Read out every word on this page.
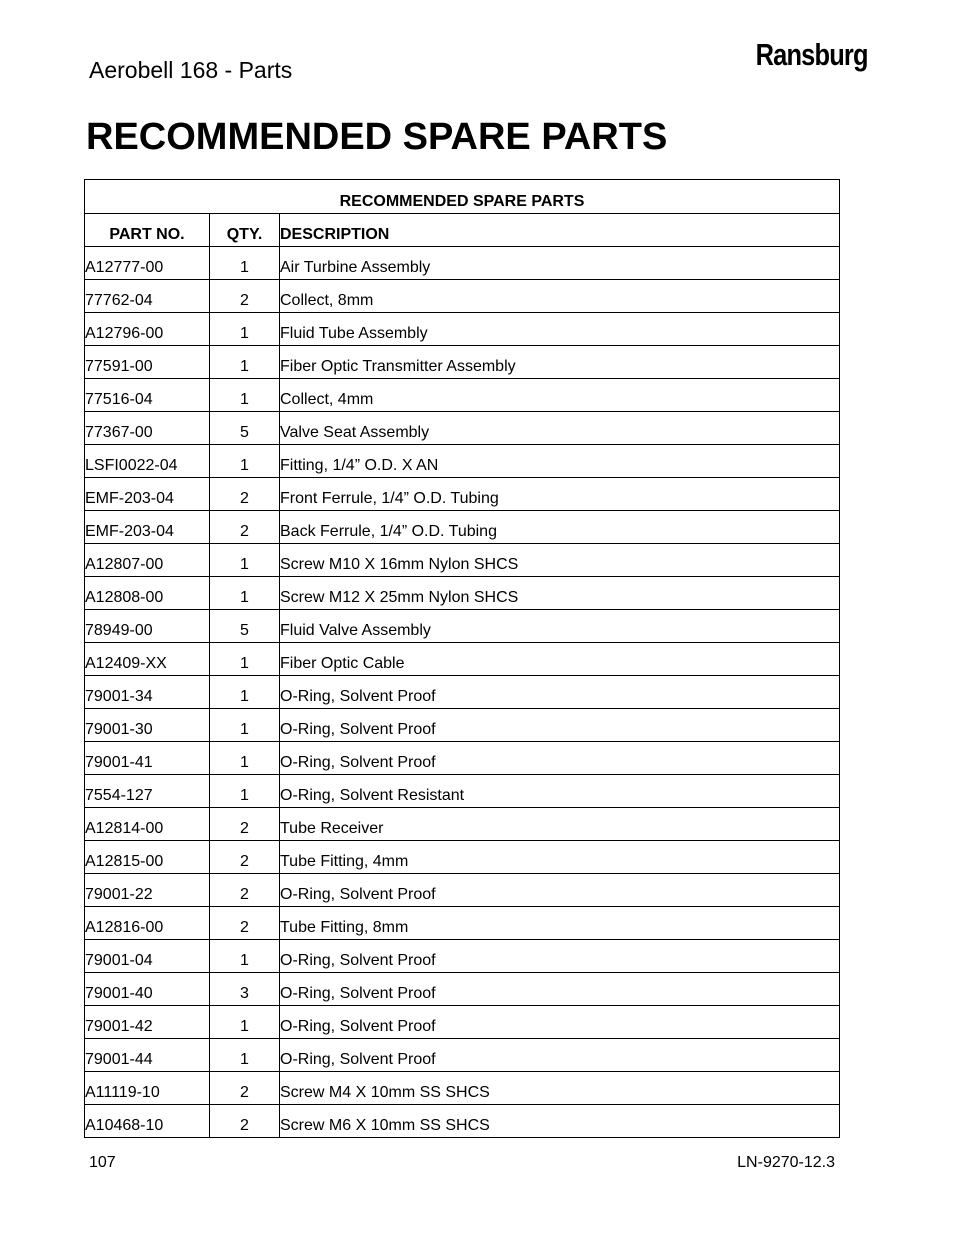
Aerobell 168 - Parts	Ransburg
RECOMMENDED SPARE PARTS
RECOMMENDED SPARE PARTS		
PART NO.	QTY.	DESCRIPTION
A12777-00	1	Air Turbine Assembly
77762-04	2	Collect, 8mm
A12796-00	1	Fluid Tube Assembly
77591-00	1	Fiber Optic Transmitter Assembly
77516-04	1	Collect, 4mm
77367-00	5	Valve Seat Assembly
LSFI0022-04	1	Fitting, 1/4” O.D. X AN
EMF-203-04	2	Front Ferrule, 1/4” O.D. Tubing
EMF-203-04	2	Back Ferrule, 1/4” O.D. Tubing
A12807-00	1	Screw M10 X 16mm Nylon SHCS
A12808-00	1	Screw M12 X 25mm Nylon SHCS
78949-00	5	Fluid Valve Assembly
A12409-XX	1	Fiber Optic Cable
79001-34	1	O-Ring, Solvent Proof
79001-30	1	O-Ring, Solvent Proof
79001-41	1	O-Ring, Solvent Proof
7554-127	1	O-Ring, Solvent Resistant
A12814-00	2	Tube Receiver
A12815-00	2	Tube Fitting, 4mm
79001-22	2	O-Ring, Solvent Proof
A12816-00	2	Tube Fitting, 8mm
79001-04	1	O-Ring, Solvent Proof
79001-40	3	O-Ring, Solvent Proof
79001-42	1	O-Ring, Solvent Proof
79001-44	1	O-Ring, Solvent Proof
A11119-10	2	Screw M4 X 10mm SS SHCS
A10468-10	2	Screw M6 X 10mm SS SHCS
107	LN-9270-12.3
